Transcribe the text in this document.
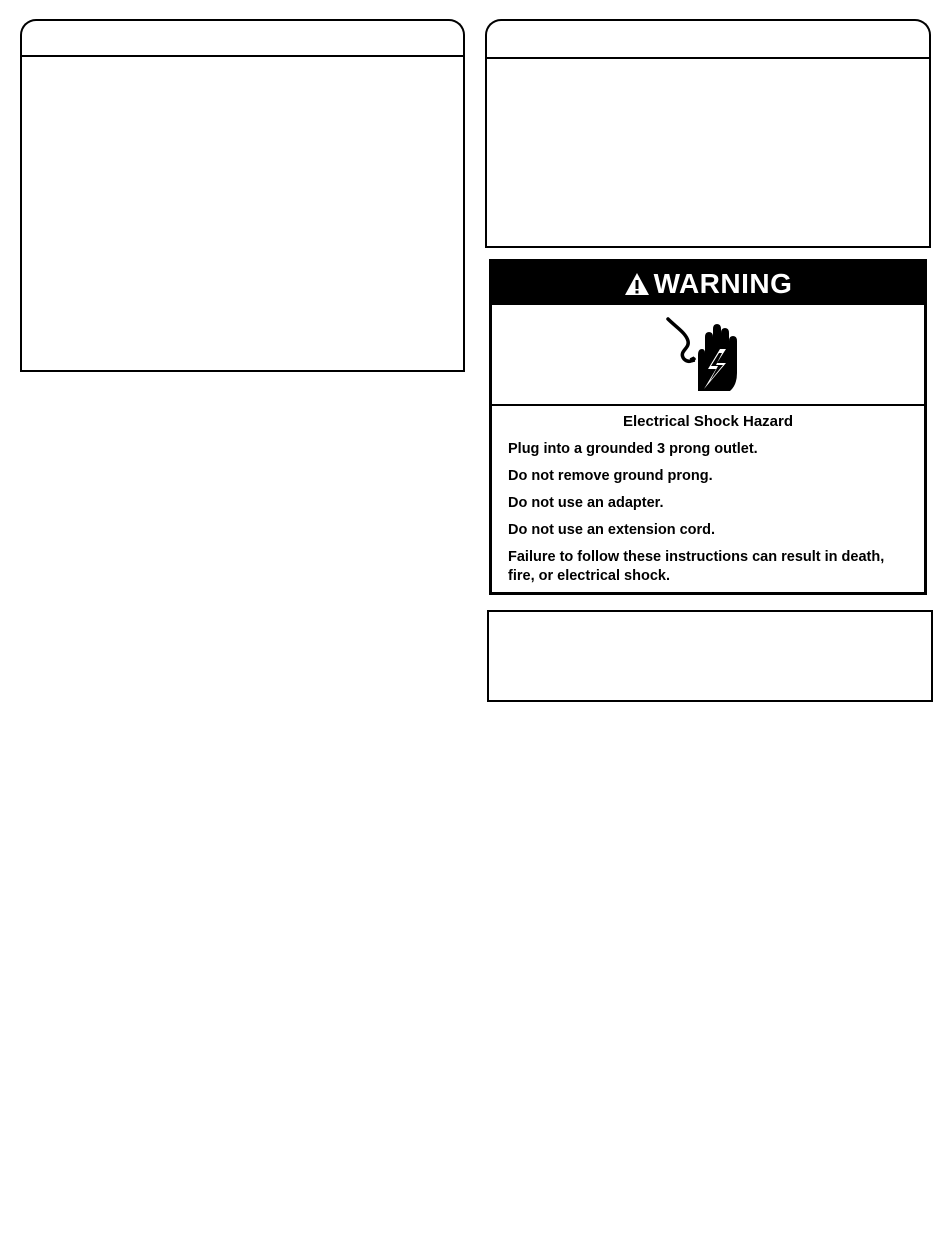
WARNING
Electrical Shock Hazard
Plug into a grounded 3 prong outlet.
Do not remove ground prong.
Do not use an adapter.
Do not use an extension cord.
Failure to follow these instructions can result in death,
fire, or electrical shock.
